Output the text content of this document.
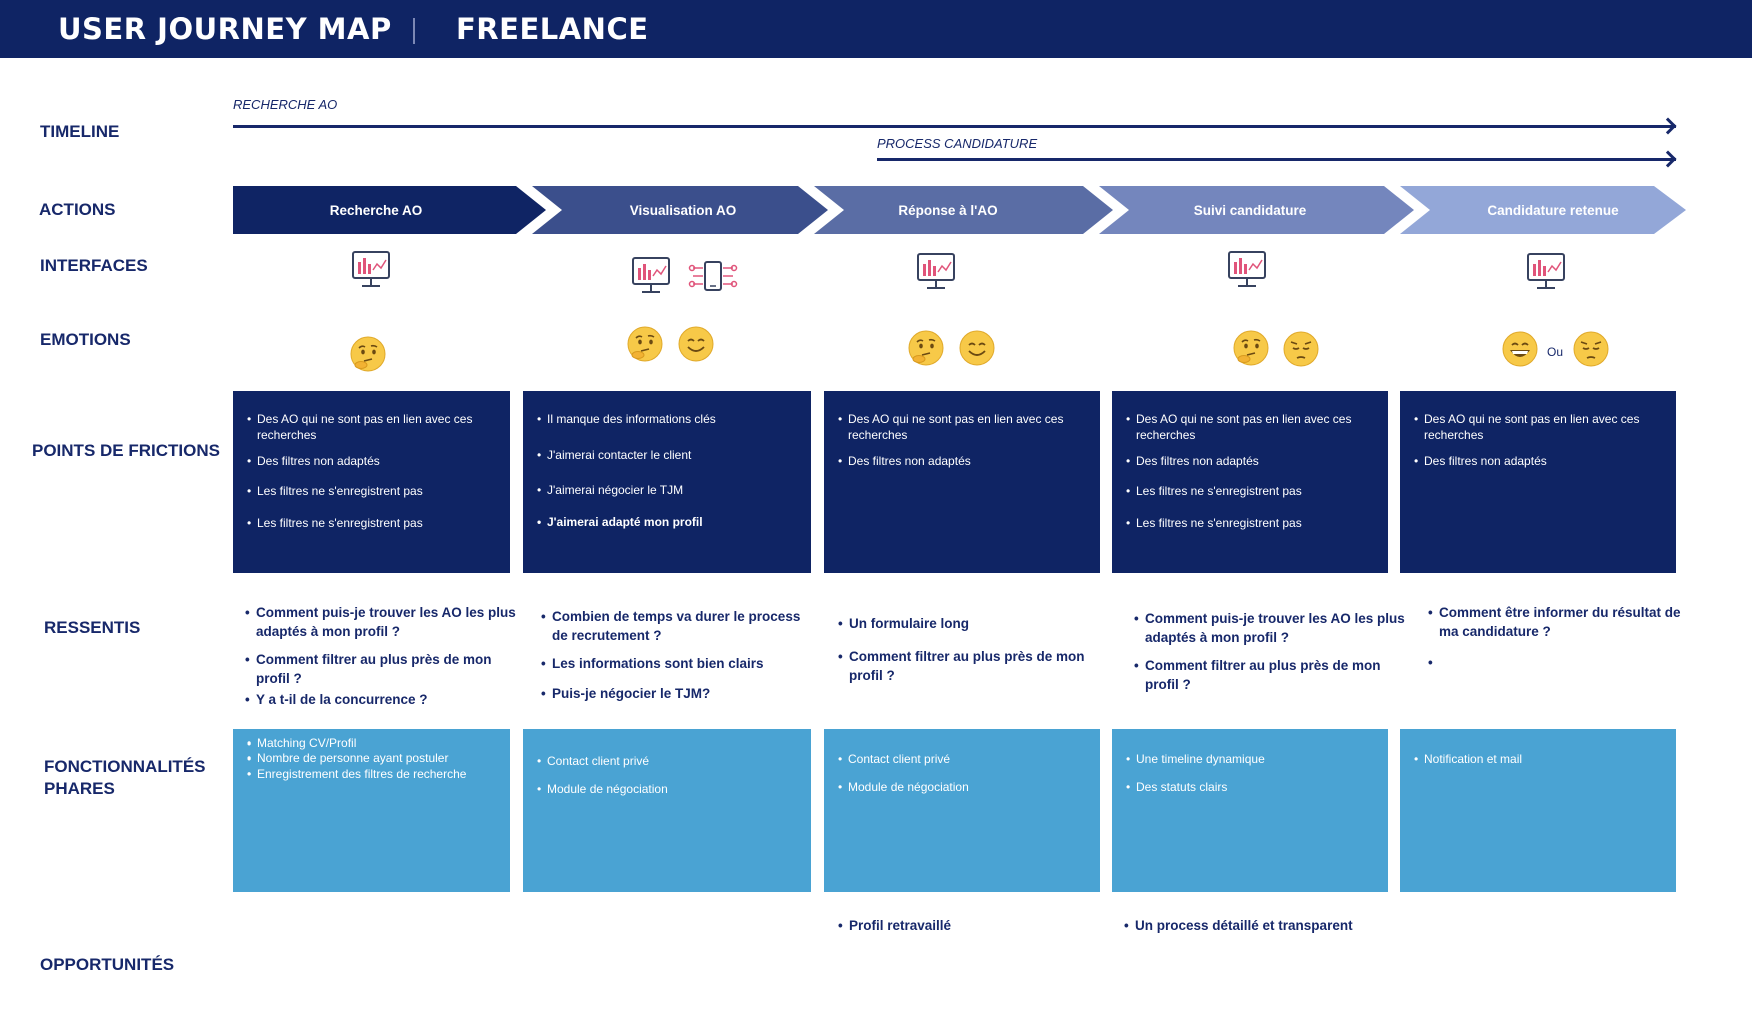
USER JOURNEY MAP FREELANCE
TIMELINE
ACTIONS
INTERFACES
EMOTIONS
POINTS DE FRICTIONS
RESSENTIS
FONCTIONNALITÉS
PHARES
OPPORTUNITÉS
RECHERCHE AO
PROCESS CANDIDATURE
Recherche AO	Visualisation AO	Réponse à l'AO	Suivi candidature	Candidature retenue
Ou
• Des AO qui ne sont pas en lien avec ces recherches
• Des filtres non adaptés
• Les filtres ne s'enregistrent pas
• Les filtres ne s'enregistrent pas
• Il manque des informations clés
• J'aimerai contacter le client
• J'aimerai négocier le TJM
• J'aimerai adapté mon profil
• Des AO qui ne sont pas en lien avec ces recherches
• Des filtres non adaptés
• Des AO qui ne sont pas en lien avec ces recherches
• Des filtres non adaptés
• Les filtres ne s'enregistrent pas
• Les filtres ne s'enregistrent pas
• Des AO qui ne sont pas en lien avec ces recherches
• Des filtres non adaptés
• Comment puis-je trouver les AO les plus adaptés à mon profil ?
• Comment filtrer au plus près de mon profil ?
• Y a t-il de la concurrence ?
• Combien de temps va durer le process de recrutement ?
• Les informations sont bien clairs
• Puis-je négocier le TJM?
• Un formulaire long
• Comment filtrer au plus près de mon profil ?
• Comment puis-je trouver les AO les plus adaptés à mon profil ?
• Comment filtrer au plus près de mon profil ?
• Comment être informer du résultat de ma candidature ?
• Matching CV/Profil
• Nombre de personne ayant postuler
• Enregistrement des filtres de recherche
• Contact client privé
• Module de négociation
• Contact client privé
• Module de négociation
• Une timeline dynamique
• Des statuts clairs
• Notification et mail
• Profil retravaillé
•	Un process détaillé et transparent
